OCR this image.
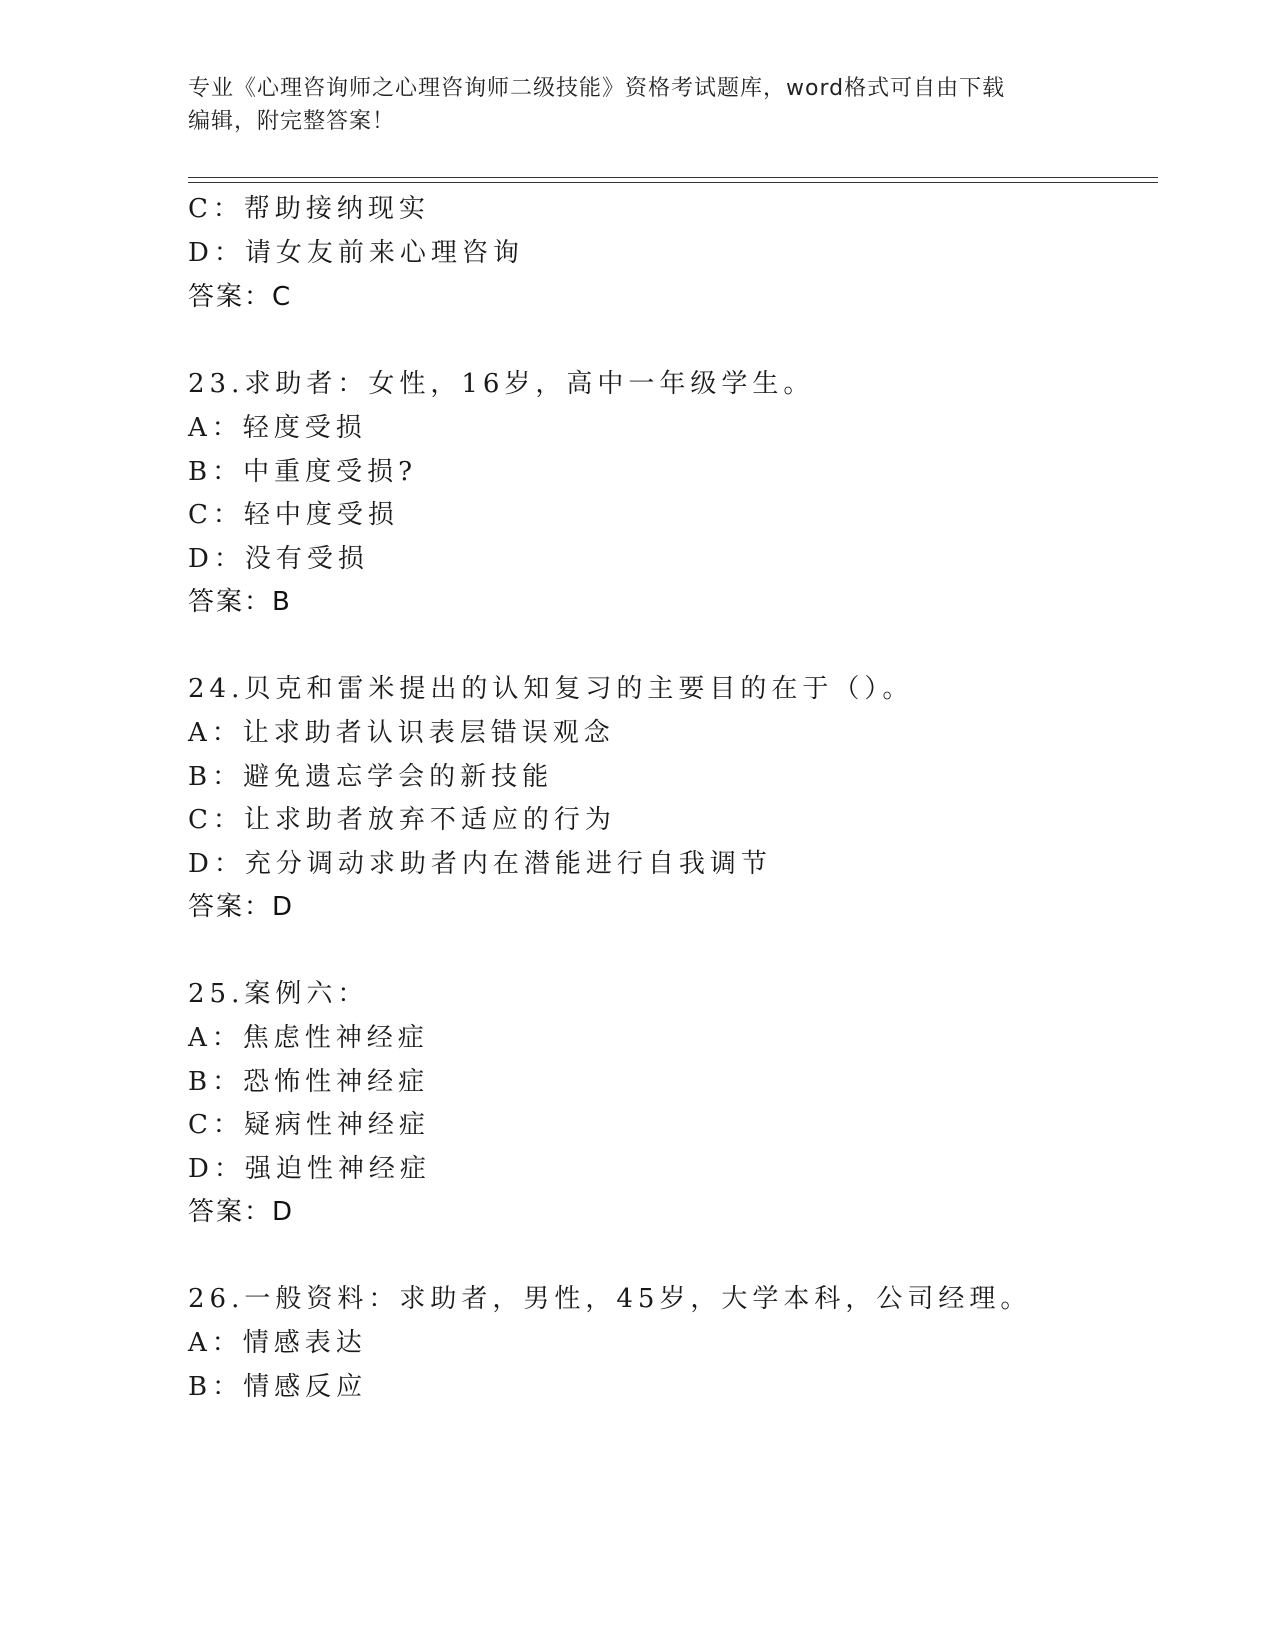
专业《心理咨询师之心理咨询师二级技能》资格考试题库，word格式可自由下载
编辑，附完整答案！
C：帮助接纳现实
D：请女友前来心理咨询
答案：C
23.求助者：女性，16岁，高中一年级学生。
A：轻度受损
B：中重度受损?
C：轻中度受损
D：没有受损
答案：B
24.贝克和雷米提出的认知复习的主要目的在于（）。
A：让求助者认识表层错误观念
B：避免遗忘学会的新技能
C：让求助者放弃不适应的行为
D：充分调动求助者内在潜能进行自我调节
答案：D
25.案例六：
A：焦虑性神经症
B：恐怖性神经症
C：疑病性神经症
D：强迫性神经症
答案：D
26.一般资料：求助者，男性，45岁，大学本科，公司经理。
A：情感表达
B：情感反应
